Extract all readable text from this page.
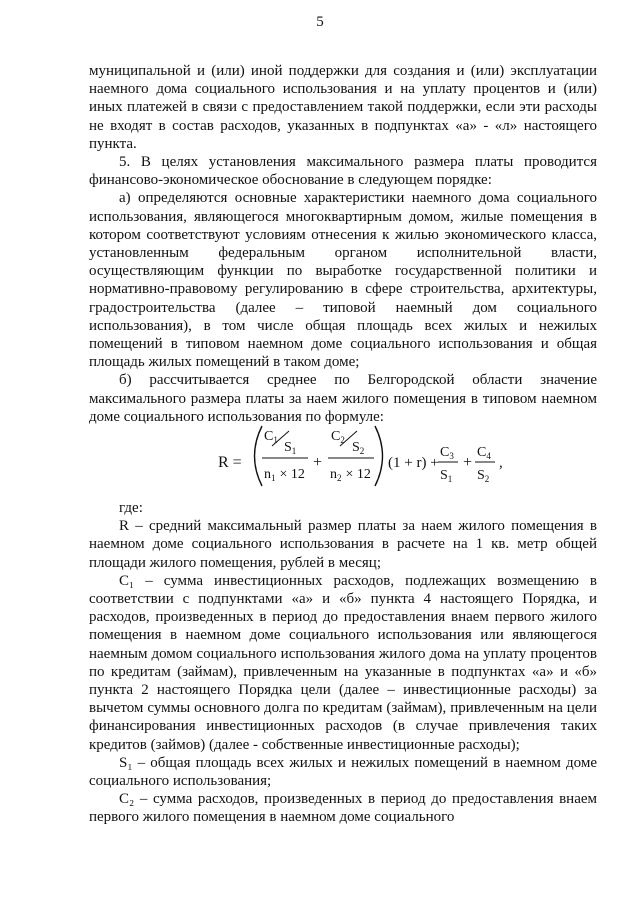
5

муниципальной и (или) иной поддержки для создания и (или) эксплуатации наемного дома социального использования и на уплату процентов и (или) иных платежей в связи с предоставлением такой поддержки, если эти расходы не входят в состав расходов, указанных в подпунктах «а» - «л» настоящего пункта.

5. В целях установления максимального размера платы проводится финансово-экономическое обоснование в следующем порядке:

а) определяются основные характеристики наемного дома социального использования, являющегося многоквартирным домом, жилые помещения в котором соответствуют условиям отнесения к жилью экономического класса, установленным федеральным органом исполнительной власти, осуществляющим функции по выработке государственной политики и нормативно-правовому регулированию в сфере строительства, архитектуры, градостроительства (далее – типовой наемный дом социального использования), в том числе общая площадь всех жилых и нежилых помещений в типовом наемном доме социального использования и общая площадь жилых помещений в таком доме;

б) рассчитывается среднее по Белгородской области значение максимального размера платы за наем жилого помещения в типовом наемном доме социального использования по формуле:

R =
$C_1$ $S_1$
$n_1 \times 12$
+
$C_2$ $S_2$
$n_2 \times 12$
(1 + r) +
$C_3$
$S_1$
+
$C_4$
$S_2$
,

где:

R – средний максимальный размер платы за наем жилого помещения в наемном доме социального использования в расчете на 1 кв. метр общей площади жилого помещения, рублей в месяц;

C₁ – сумма инвестиционных расходов, подлежащих возмещению в соответствии с подпунктами «а» и «б» пункта 4 настоящего Порядка, и расходов, произведенных в период до предоставления внаем первого жилого помещения в наемном доме социального использования или являющегося наемным домом социального использования жилого дома на уплату процентов по кредитам (займам), привлеченным на указанные в подпунктах «а» и «б» пункта 2 настоящего Порядка цели (далее – инвестиционные расходы) за вычетом суммы основного долга по кредитам (займам), привлеченным на цели финансирования инвестиционных расходов (в случае привлечения таких кредитов (займов) (далее - собственные инвестиционные расходы);

S₁ – общая площадь всех жилых и нежилых помещений в наемном доме социального использования;

C₂ – сумма расходов, произведенных в период до предоставления внаем первого жилого помещения в наемном доме социального
